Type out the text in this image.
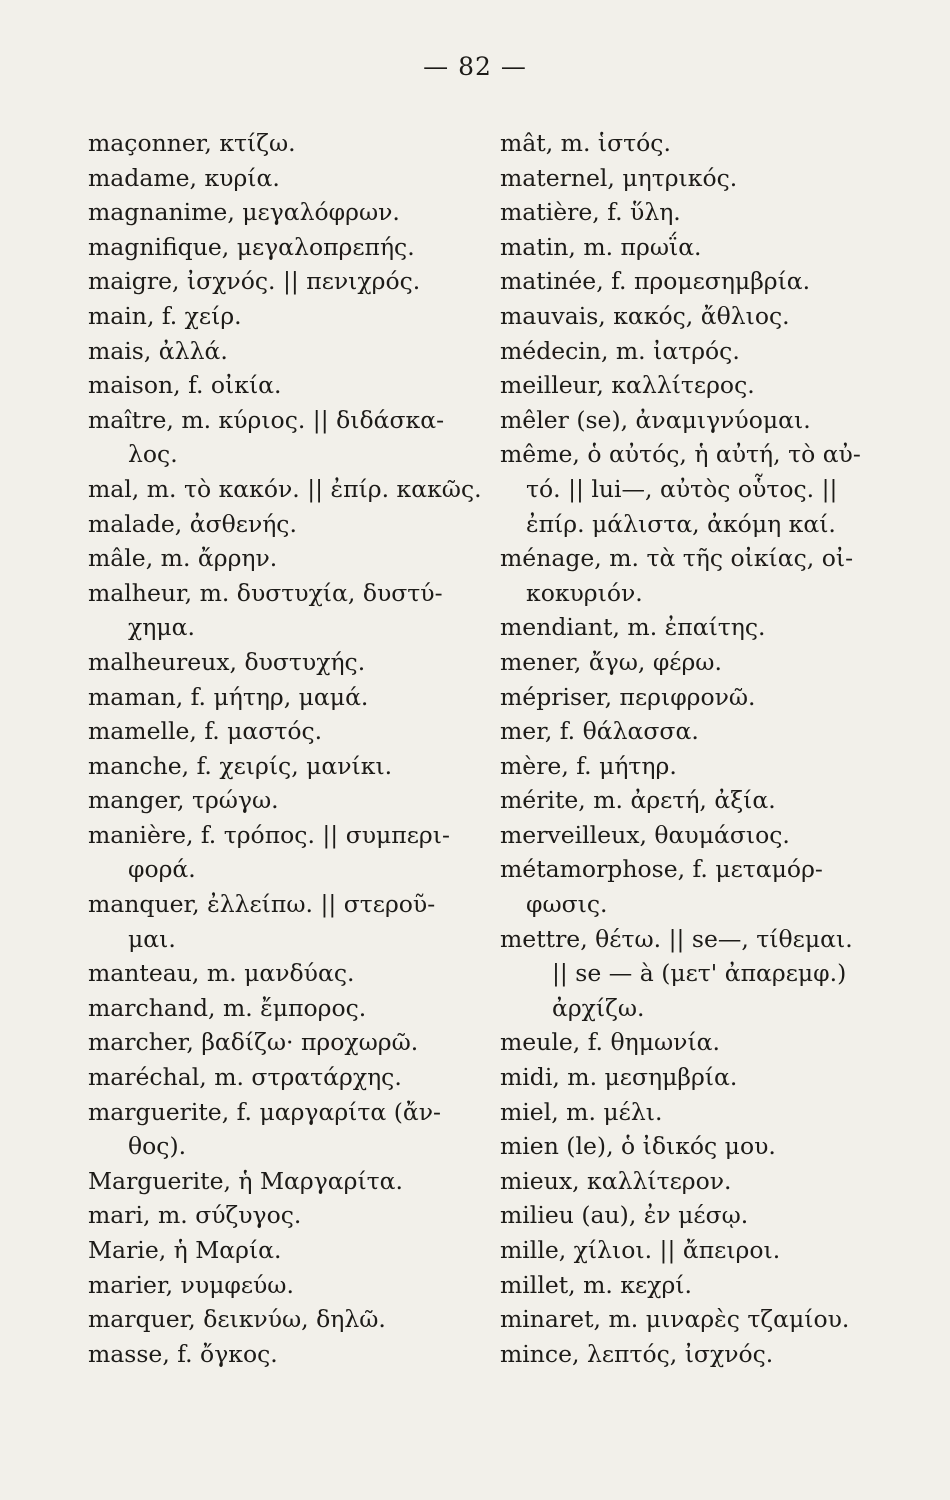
— 82 —
maçonner, κτίζω.
madame, κυρία.
magnanime, μεγαλόφρων.
magnifique, μεγαλοπρεπής.
maigre, ἰσχνός. || πενιχρός.
main, f. χείρ.
mais, ἀλλά.
maison, f. οἰκία.
maître, m. κύριος. || διδάσκα-
λος.
mal, m. τὸ κακόν. || ἐπίρ. κακῶς.
malade, ἀσθενής.
mâle, m. ἄρρην.
malheur, m. δυστυχία, δυστύ-
χημα.
malheureux, δυστυχής.
maman, f. μήτηρ, μαμά.
mamelle, f. μαστός.
manche, f. χειρίς, μανίκι.
manger, τρώγω.
manière, f. τρόπος. || συμπερι-
φορά.
manquer, ἐλλείπω. || στεροῦ-
μαι.
manteau, m. μανδύας.
marchand, m. ἔμπορος.
marcher, βαδίζω· προχωρῶ.
maréchal, m. στρατάρχης.
marguerite, f. μαργαρίτα (ἄν-
θος).
Marguerite, ἡ Μαργαρίτα.
mari, m. σύζυγος.
Marie, ἡ Μαρία.
marier, νυμφεύω.
marquer, δεικνύω, δηλῶ.
masse, f. ὄγκος.
mât, m. ἱστός.
maternel, μητρικός.
matière, f. ὕλη.
matin, m. πρωΐα.
matinée, f. προμεσημβρία.
mauvais, κακός, ἄθλιος.
médecin, m. ἰατρός.
meilleur, καλλίτερος.
mêler (se), ἀναμιγνύομαι.
même, ὁ αὐτός, ἡ αὐτή, τὸ αὐ-
τό. || lui—, αὐτὸς οὗτος. ||
ἐπίρ. μάλιστα, ἀκόμη καί.
ménage, m. τὰ τῆς οἰκίας, οἰ-
κοκυριόν.
mendiant, m. ἐπαίτης.
mener, ἄγω, φέρω.
mépriser, περιφρονῶ.
mer, f. θάλασσα.
mère, f. μήτηρ.
mérite, m. ἀρετή, ἀξία.
merveilleux, θαυμάσιος.
métamorphose, f. μεταμόρ-
φωσις.
mettre, θέτω. || se—, τίθεμαι.
|| se — à (μετ' ἀπαρεμφ.)
ἀρχίζω.
meule, f. θημωνία.
midi, m. μεσημβρία.
miel, m. μέλι.
mien (le), ὁ ἰδικός μου.
mieux, καλλίτερον.
milieu (au), ἐν μέσῳ.
mille, χίλιοι. || ἄπειροι.
millet, m. κεχρί.
minaret, m. μιναρὲς τζαμίου.
mince, λεπτός, ἰσχνός.
